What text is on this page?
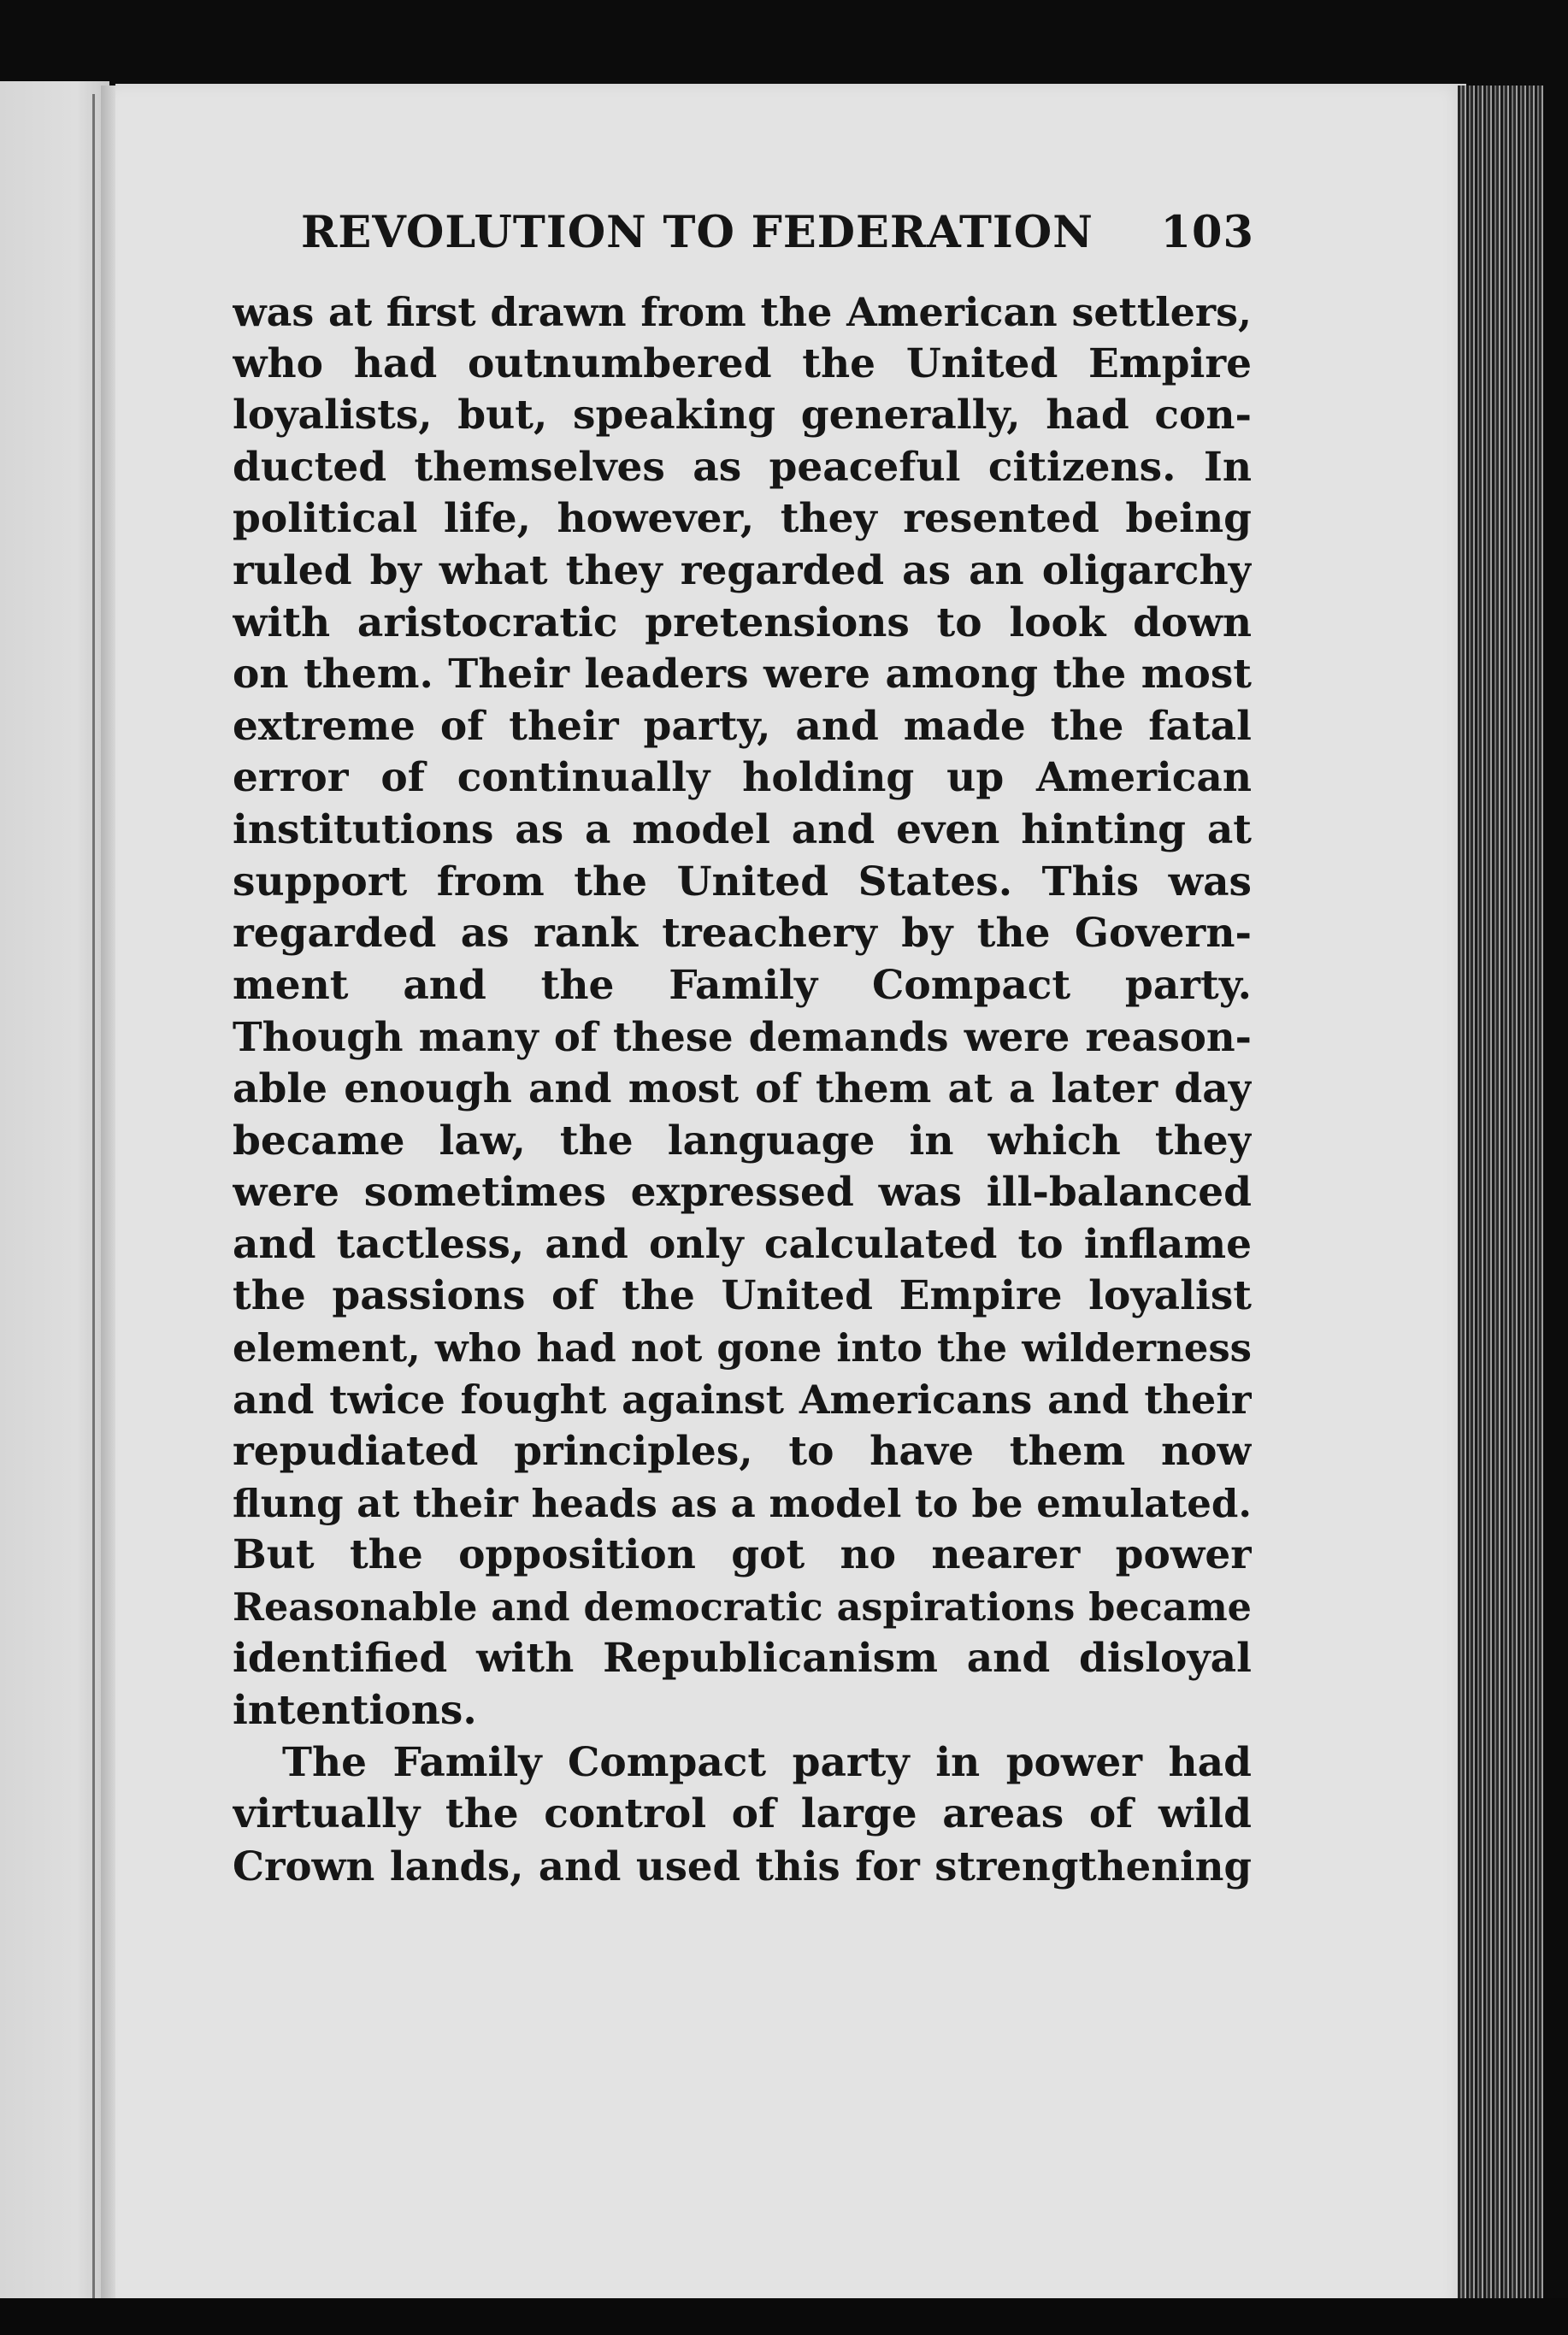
REVOLUTION TO FEDERATION 103
was at first drawn from the American settlers,
who had outnumbered the United Empire
loyalists, but, speaking generally, had con-
ducted themselves as peaceful citizens. In
political life, however, they resented being
ruled by what they regarded as an oligarchy
with aristocratic pretensions to look down
on them. Their leaders were among the most
extreme of their party, and made the fatal
error of continually holding up American
institutions as a model and even hinting at
support from the United States. This was
regarded as rank treachery by the Govern-
ment and the Family Compact party.
Though many of these demands were reason-
able enough and most of them at a later day
became law, the language in which they
were sometimes expressed was ill-balanced
and tactless, and only calculated to inflame
the passions of the United Empire loyalist
element, who had not gone into the wilderness
and twice fought against Americans and their
repudiated principles, to have them now
flung at their heads as a model to be emulated.
But the opposition got no nearer power
Reasonable and democratic aspirations became
identified with Republicanism and disloyal
intentions.
The Family Compact party in power had
virtually the control of large areas of wild
Crown lands, and used this for strengthening
